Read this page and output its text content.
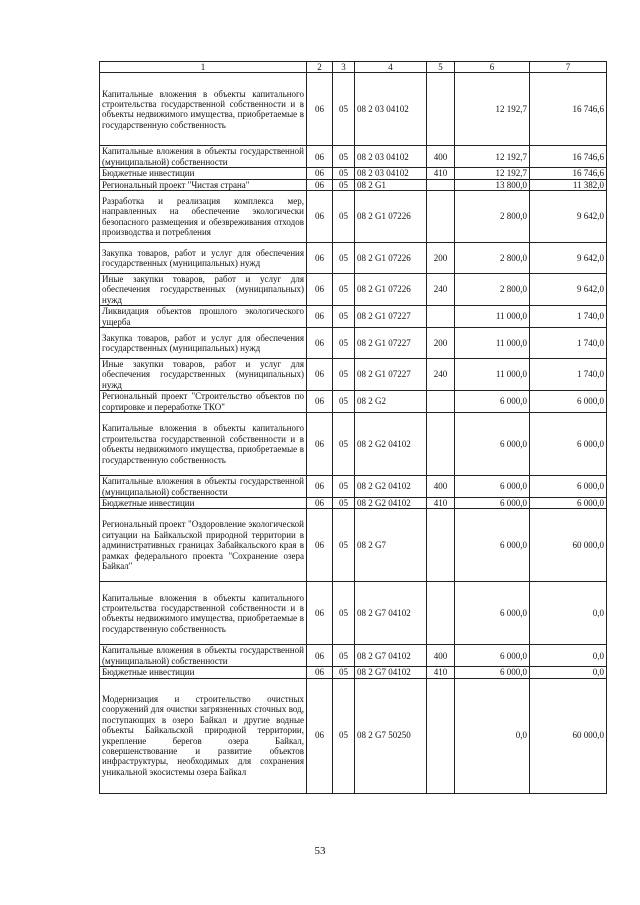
1	2	3	4	5	6	7
Капитальные вложения в объекты капитального строительства государственной собственности и в объекты недвижимого имущества, приобретаемые в государственную собственность	06	05	08 2 03 04102		12 192,7	16 746,6
Капитальные вложения в объекты государственной (муниципальной) собственности	06	05	08 2 03 04102	400	12 192,7	16 746,6
Бюджетные инвестиции	06	05	08 2 03 04102	410	12 192,7	16 746,6
Региональный проект "Чистая страна"	06	05	08 2 G1		13 800,0	11 382,0
Разработка и реализация комплекса мер, направленных на обеспечение экологически безопасного размещения и обезвреживания отходов производства и потребления	06	05	08 2 G1 07226		2 800,0	9 642,0
Закупка товаров, работ и услуг для обеспечения государственных (муниципальных) нужд	06	05	08 2 G1 07226	200	2 800,0	9 642,0
Иные закупки товаров, работ и услуг для обеспечения государственных (муниципальных) нужд	06	05	08 2 G1 07226	240	2 800,0	9 642,0
Ликвидация объектов прошлого экологического ущерба	06	05	08 2 G1 07227		11 000,0	1 740,0
Закупка товаров, работ и услуг для обеспечения государственных (муниципальных) нужд	06	05	08 2 G1 07227	200	11 000,0	1 740,0
Иные закупки товаров, работ и услуг для обеспечения государственных (муниципальных) нужд	06	05	08 2 G1 07227	240	11 000,0	1 740,0
Региональный проект "Строительство объектов по сортировке и переработке ТКО"	06	05	08 2 G2		6 000,0	6 000,0
Капитальные вложения в объекты капитального строительства государственной собственности и в объекты недвижимого имущества, приобретаемые в государственную собственность	06	05	08 2 G2 04102		6 000,0	6 000,0
Капитальные вложения в объекты государственной (муниципальной) собственности	06	05	08 2 G2 04102	400	6 000,0	6 000,0
Бюджетные инвестиции	06	05	08 2 G2 04102	410	6 000,0	6 000,0
Региональный проект "Оздоровление экологической ситуации на Байкальской природной территории в административных границах Забайкальского края в рамках федерального проекта "Сохранение озера Байкал"	06	05	08 2 G7		6 000,0	60 000,0
Капитальные вложения в объекты капитального строительства государственной собственности и в объекты недвижимого имущества, приобретаемые в государственную собственность	06	05	08 2 G7 04102		6 000,0	0,0
Капитальные вложения в объекты государственной (муниципальной) собственности	06	05	08 2 G7 04102	400	6 000,0	0,0
Бюджетные инвестиции	06	05	08 2 G7 04102	410	6 000,0	0,0
Модернизация и строительство очистных сооружений для очистки загрязненных сточных вод, поступающих в озеро Байкал и другие водные объекты Байкальской природной территории, укрепление берегов озера Байкал, совершенствование и развитие объектов инфраструктуры, необходимых для сохранения уникальной экосистемы озера Байкал	06	05	08 2 G7 50250		0,0	60 000,0
53
